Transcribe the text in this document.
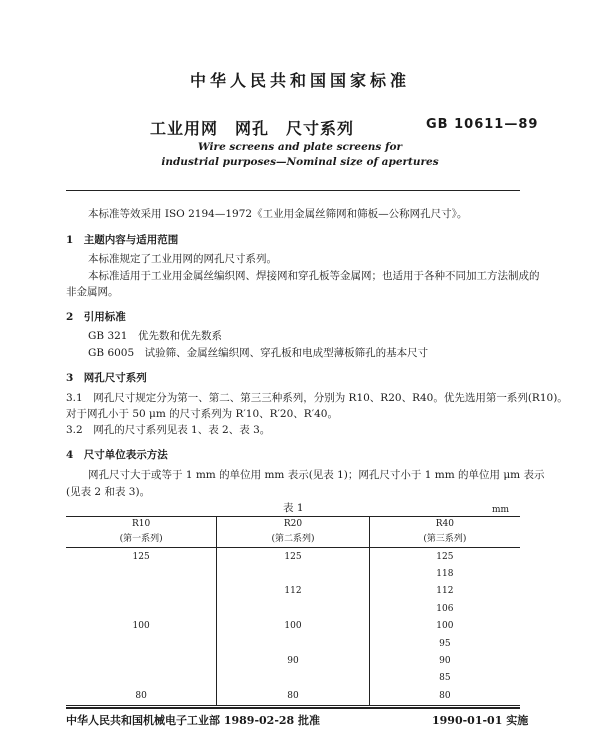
中华人民共和国国家标准
工业用网　网孔　尺寸系列	GB 10611—89
Wire screens and plate screens for
industrial purposes—Nominal size of apertures
本标准等效采用 ISO 2194—1972《工业用金属丝筛网和筛板—公称网孔尺寸》。
1　主题内容与适用范围
本标准规定了工业用网的网孔尺寸系列。
本标准适用于工业用金属丝编织网、焊接网和穿孔板等金属网；也适用于各种不同加工方法制成的
非金属网。
2　引用标准
GB 321　优先数和优先数系
GB 6005　试验筛、金属丝编织网、穿孔板和电成型薄板筛孔的基本尺寸
3　网孔尺寸系列
3.1　网孔尺寸规定分为第一、第二、第三三种系列，分别为 R10、R20、R40。优先选用第一系列(R10)。
对于网孔小于 50 μm 的尺寸系列为 R′10、R′20、R′40。
3.2　网孔的尺寸系列见表 1、表 2、表 3。
4　尺寸单位表示方法
网孔尺寸大于或等于 1 mm 的单位用 mm 表示(见表 1)；网孔尺寸小于 1 mm 的单位用 μm 表示
(见表 2 和表 3)。
表 1	mm
R10	R20	R40
(第一系列)	(第二系列)	(第三系列)
125	125	125
		118
	112	112
		106
100	100	100
		95
	90	90
		85
80	80	80
中华人民共和国机械电子工业部 1989-02-28 批准	1990-01-01 实施
